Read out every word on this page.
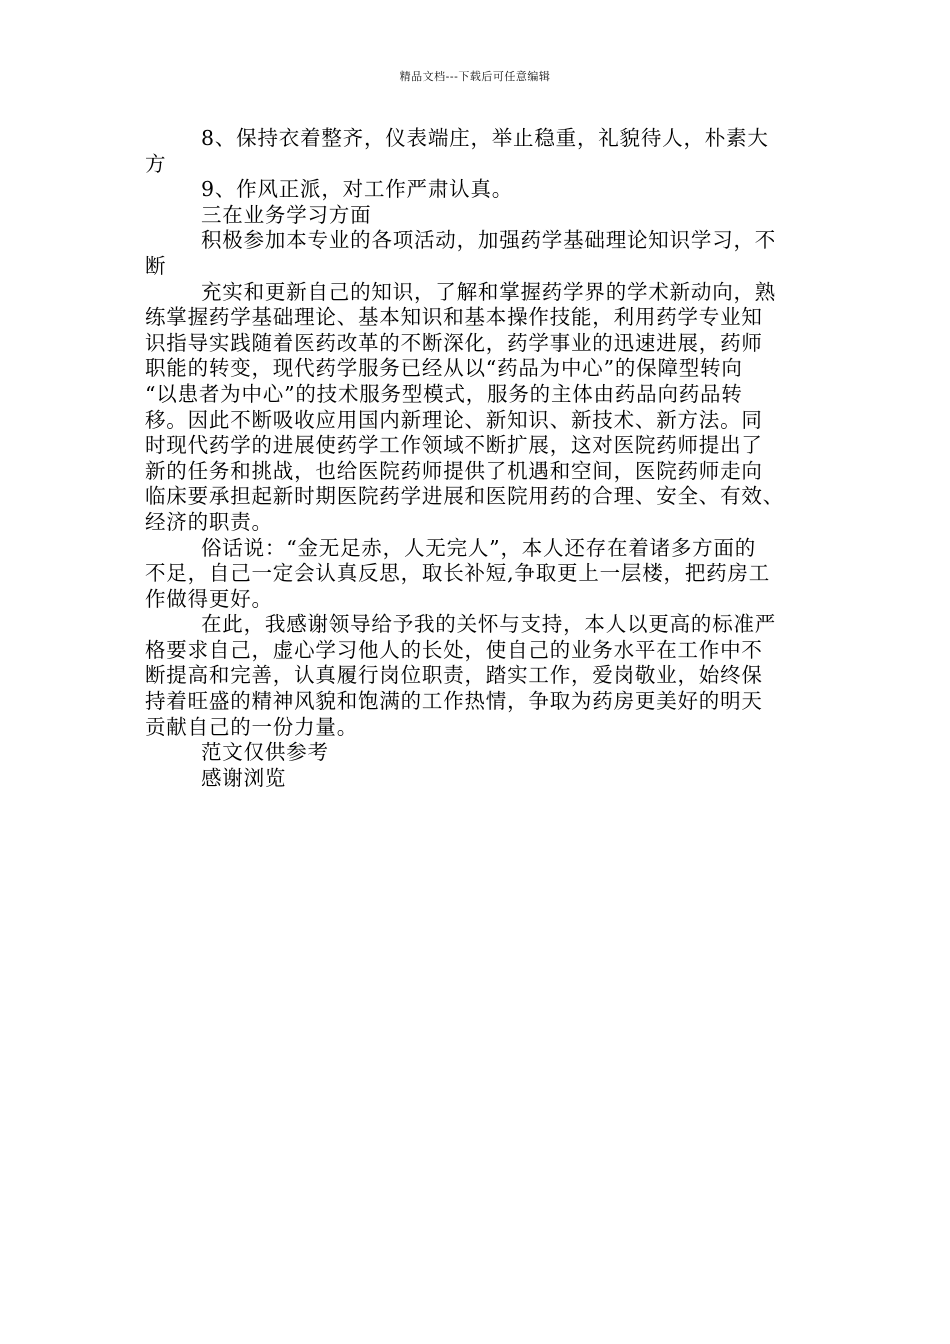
精品文档---下载后可任意编辑
8、保持衣着整齐，仪表端庄，举止稳重，礼貌待人，朴素大
方
9、作风正派，对工作严肃认真。
三在业务学习方面
积极参加本专业的各项活动，加强药学基础理论知识学习，不
断
充实和更新自己的知识，了解和掌握药学界的学术新动向，熟
练掌握药学基础理论、基本知识和基本操作技能，利用药学专业知
识指导实践随着医药改革的不断深化，药学事业的迅速进展，药师
职能的转变，现代药学服务已经从以“药品为中心”的保障型转向
“以患者为中心”的技术服务型模式，服务的主体由药品向药品转
移。因此不断吸收应用国内新理论、新知识、新技术、新方法。同
时现代药学的进展使药学工作领域不断扩展，这对医院药师提出了
新的任务和挑战，也给医院药师提供了机遇和空间，医院药师走向
临床要承担起新时期医院药学进展和医院用药的合理、安全、有效、
经济的职责。
俗话说：“金无足赤，人无完人”，本人还存在着诸多方面的
不足，自己一定会认真反思，取长补短,争取更上一层楼，把药房工
作做得更好。
在此，我感谢领导给予我的关怀与支持，本人以更高的标准严
格要求自己，虚心学习他人的长处，使自己的业务水平在工作中不
断提高和完善，认真履行岗位职责，踏实工作，爱岗敬业，始终保
持着旺盛的精神风貌和饱满的工作热情，争取为药房更美好的明天
贡献自己的一份力量。
范文仅供参考
感谢浏览
